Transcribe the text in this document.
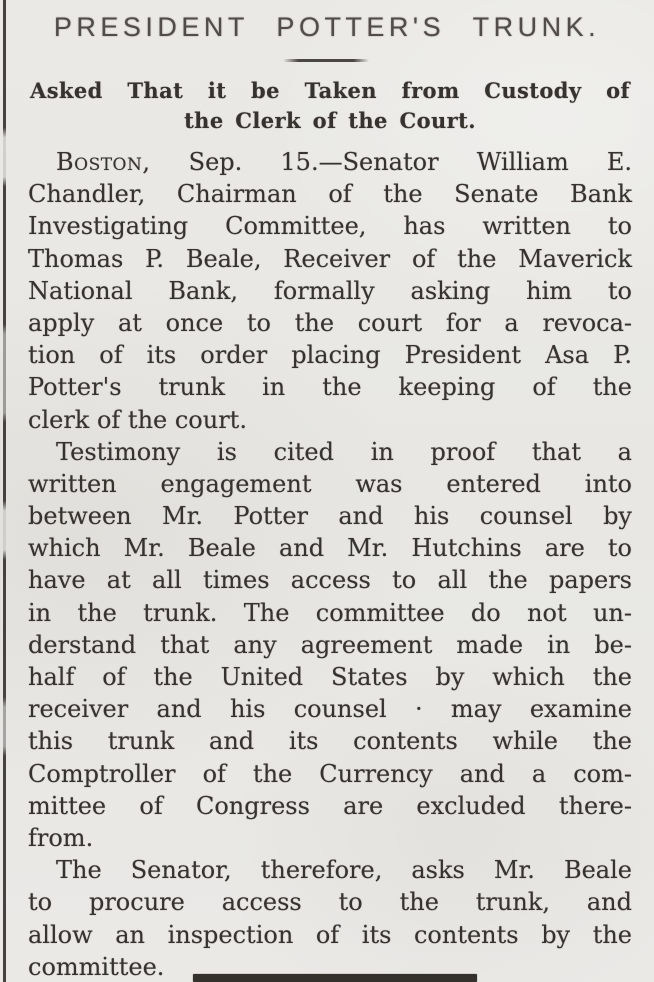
PRESIDENT POTTER'S TRUNK.
Asked That it be Taken from Custody of
the Clerk of the Court.
Boston, Sep. 15.—Senator William E.
Chandler, Chairman of the Senate Bank
Investigating Committee, has written to
Thomas P. Beale, Receiver of the Maverick
National Bank, formally asking him to
apply at once to the court for a revoca-
tion of its order placing President Asa P.
Potter's trunk in the keeping of the
clerk of the court.
Testimony is cited in proof that a
written engagement was entered into
between Mr. Potter and his counsel by
which Mr. Beale and Mr. Hutchins are to
have at all times access to all the papers
in the trunk. The committee do not un-
derstand that any agreement made in be-
half of the United States by which the
receiver and his counsel · may examine
this trunk and its contents while the
Comptroller of the Currency and a com-
mittee of Congress are excluded there-
from.
The Senator, therefore, asks Mr. Beale
to procure access to the trunk, and
allow an inspection of its contents by the
committee.
